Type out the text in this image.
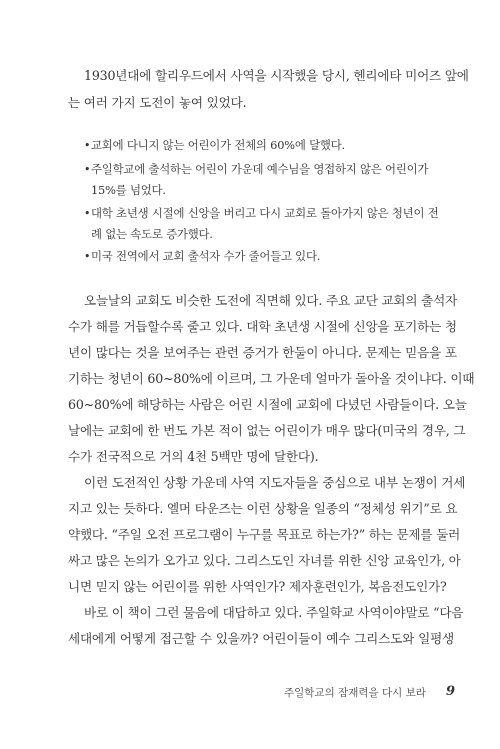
1930년대에 할리우드에서 사역을 시작했을 당시, 헨리에타 미어즈 앞에
는 여러 가지 도전이 놓여 있었다.
• 교회에 다니지 않는 어린이가 전체의 60%에 달했다.
• 주일학교에 출석하는 어린이 가운데 예수님을 영접하지 않은 어린이가
15%를 넘었다.
• 대학 초년생 시절에 신앙을 버리고 다시 교회로 돌아가지 않은 청년이 전
례 없는 속도로 증가했다.
• 미국 전역에서 교회 출석자 수가 줄어들고 있다.
오늘날의 교회도 비슷한 도전에 직면해 있다. 주요 교단 교회의 출석자
수가 해를 거듭할수록 줄고 있다. 대학 초년생 시절에 신앙을 포기하는 청
년이 많다는 것을 보여주는 관련 증거가 한둘이 아니다. 문제는 믿음을 포
기하는 청년이 60~80%에 이르며, 그 가운데 얼마가 돌아올 것이냐다. 이때
60~80%에 해당하는 사람은 어린 시절에 교회에 다녔던 사람들이다. 오늘
날에는 교회에 한 번도 가본 적이 없는 어린이가 매우 많다(미국의 경우, 그
수가 전국적으로 거의 4천 5백만 명에 달한다).
이런 도전적인 상황 가운데 사역 지도자들을 중심으로 내부 논쟁이 거세
지고 있는 듯하다. 엘머 타운즈는 이런 상황을 일종의 “정체성 위기”로 요
약했다. “주일 오전 프로그램이 누구를 목표로 하는가?” 하는 문제를 둘러
싸고 많은 논의가 오가고 있다. 그리스도인 자녀를 위한 신앙 교육인가, 아
니면 믿지 않는 어린이를 위한 사역인가? 제자훈련인가, 복음전도인가?
바로 이 책이 그런 물음에 대답하고 있다. 주일학교 사역이야말로 “다음
세대에게 어떻게 접근할 수 있을까? 어린이들이 예수 그리스도와 일평생
주일학교의 잠재력을 다시 보라 9
